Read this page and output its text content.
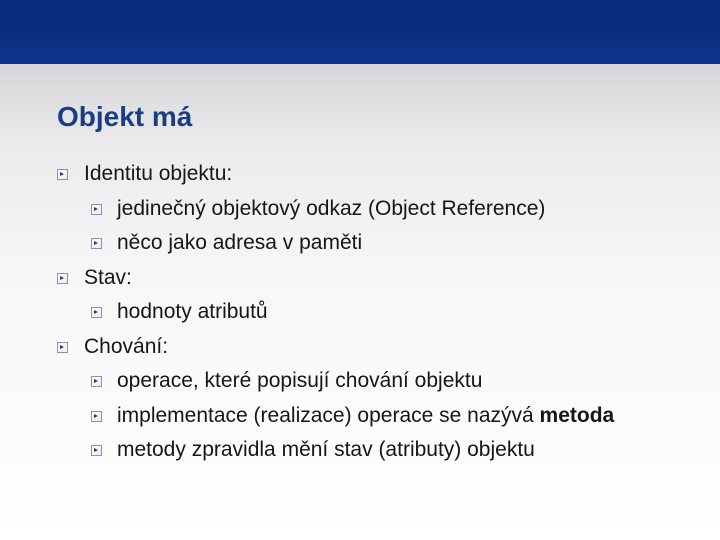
Objekt má
Identitu objektu:
jedinečný objektový odkaz (Object Reference)
něco jako adresa v paměti
Stav:
hodnoty atributů
Chování:
operace, které popisují chování objektu
implementace (realizace) operace se nazývá metoda
metody zpravidla mění stav (atributy) objektu
